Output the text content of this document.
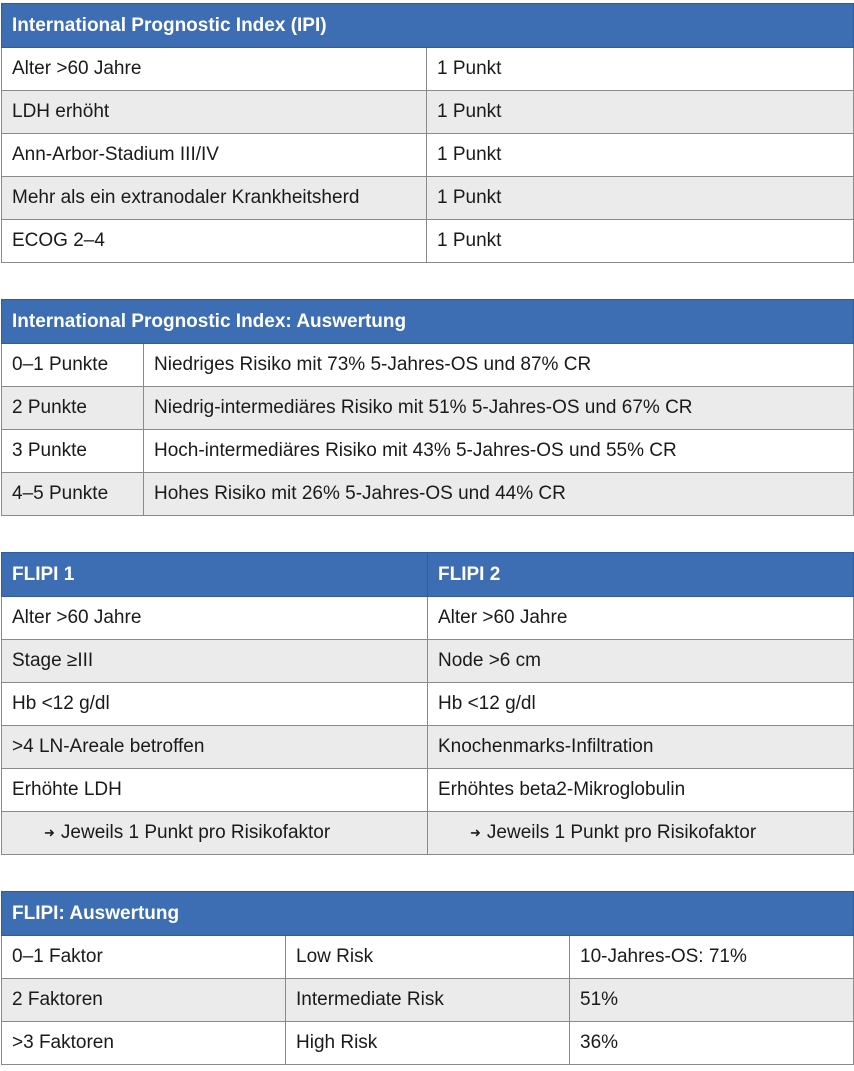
International Prognostic Index (IPI)	
Alter >60 Jahre	1 Punkt
LDH erhöht	1 Punkt
Ann-Arbor-Stadium III/IV	1 Punkt
Mehr als ein extranodaler Krankheitsherd	1 Punkt
ECOG 2–4	1 Punkt
International Prognostic Index: Auswertung	
0–1 Punkte	Niedriges Risiko mit 73% 5-Jahres-OS und 87% CR
2 Punkte	Niedrig-intermediäres Risiko mit 51% 5-Jahres-OS und 67% CR
3 Punkte	Hoch-intermediäres Risiko mit 43% 5-Jahres-OS und 55% CR
4–5 Punkte	Hohes Risiko mit 26% 5-Jahres-OS und 44% CR
FLIPI 1	FLIPI 2
Alter >60 Jahre	Alter >60 Jahre
Stage ≥III	Node >6 cm
Hb <12 g/dl	Hb <12 g/dl
>4 LN-Areale betroffen	Knochenmarks-Infiltration
Erhöhte LDH	Erhöhtes beta2-Mikroglobulin
➜ Jeweils 1 Punkt pro Risikofaktor	➜ Jeweils 1 Punkt pro Risikofaktor
FLIPI: Auswertung		
0–1 Faktor	Low Risk	10-Jahres-OS: 71%
2 Faktoren	Intermediate Risk	51%
>3 Faktoren	High Risk	36%
